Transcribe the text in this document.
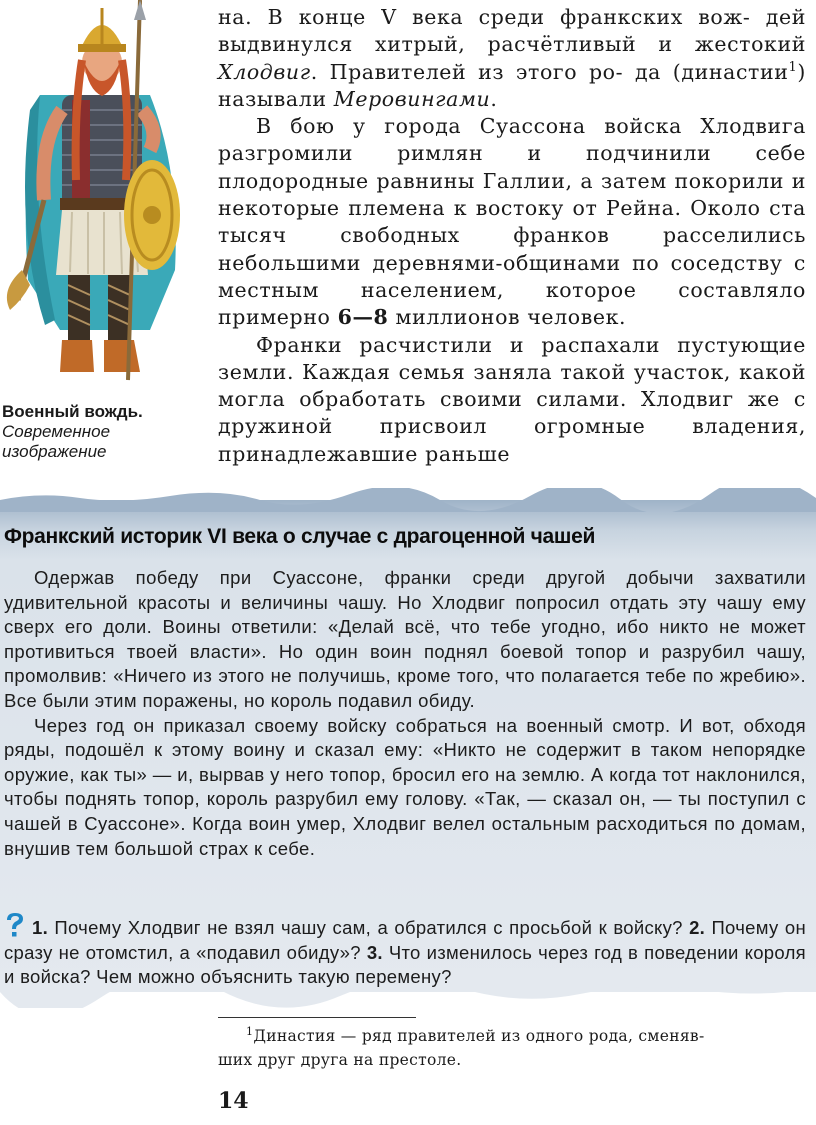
Военный вождь.
Современное
изображение

на. В конце V века среди франкских вож- дей выдвинулся хитрый, расчётливый и жестокий Хлодвиг. Правителей из этого ро- да (династии$^1$) называли Меровингами.

В бою у города Суассона войска Хлодвига разгромили римлян и подчинили себе плодородные равнины Галлии, а затем покорили и некоторые племена к востоку от Рейна. Около ста тысяч свободных франков расселились небольшими деревнями-общинами по соседству с местным населением, которое составляло примерно 6—8 миллионов человек.

Франки расчистили и распахали пустующие земли. Каждая семья заняла такой участок, какой могла обработать своими силами. Хлодвиг же с дружиной присвоил огромные владения, принадлежавшие раньше

Франкский историк VI века о случае с драгоценной чашей

Одержав победу при Суассоне, франки среди другой добычи захватили удивительной красоты и величины чашу. Но Хлодвиг попросил отдать эту чашу ему сверх его доли. Воины ответили: «Делай всё, что тебе угодно, ибо никто не может противиться твоей власти». Но один воин поднял боевой топор и разрубил чашу, промолвив: «Ничего из этого не получишь, кроме того, что полагается тебе по жребию». Все были этим поражены, но король подавил обиду.

Через год он приказал своему войску собраться на военный смотр. И вот, обходя ряды, подошёл к этому воину и сказал ему: «Никто не содержит в таком непорядке оружие, как ты» — и, вырвав у него топор, бросил его на землю. А когда тот наклонился, чтобы поднять топор, король разрубил ему голову. «Так, — сказал он, — ты поступил с чашей в Суассоне». Когда воин умер, Хлодвиг велел остальным расходиться по домам, внушив тем большой страх к себе.

1. Почему Хлодвиг не взял чашу сам, а обратился с просьбой к войску? 2. Почему он сразу не отомстил, а «подавил обиду»? 3. Что изменилось через год в поведении короля и войска? Чем можно объяснить такую перемену?
$^1$Династия — ряд правителей из одного рода, сменяв-
ших друг друга на престоле.
14
